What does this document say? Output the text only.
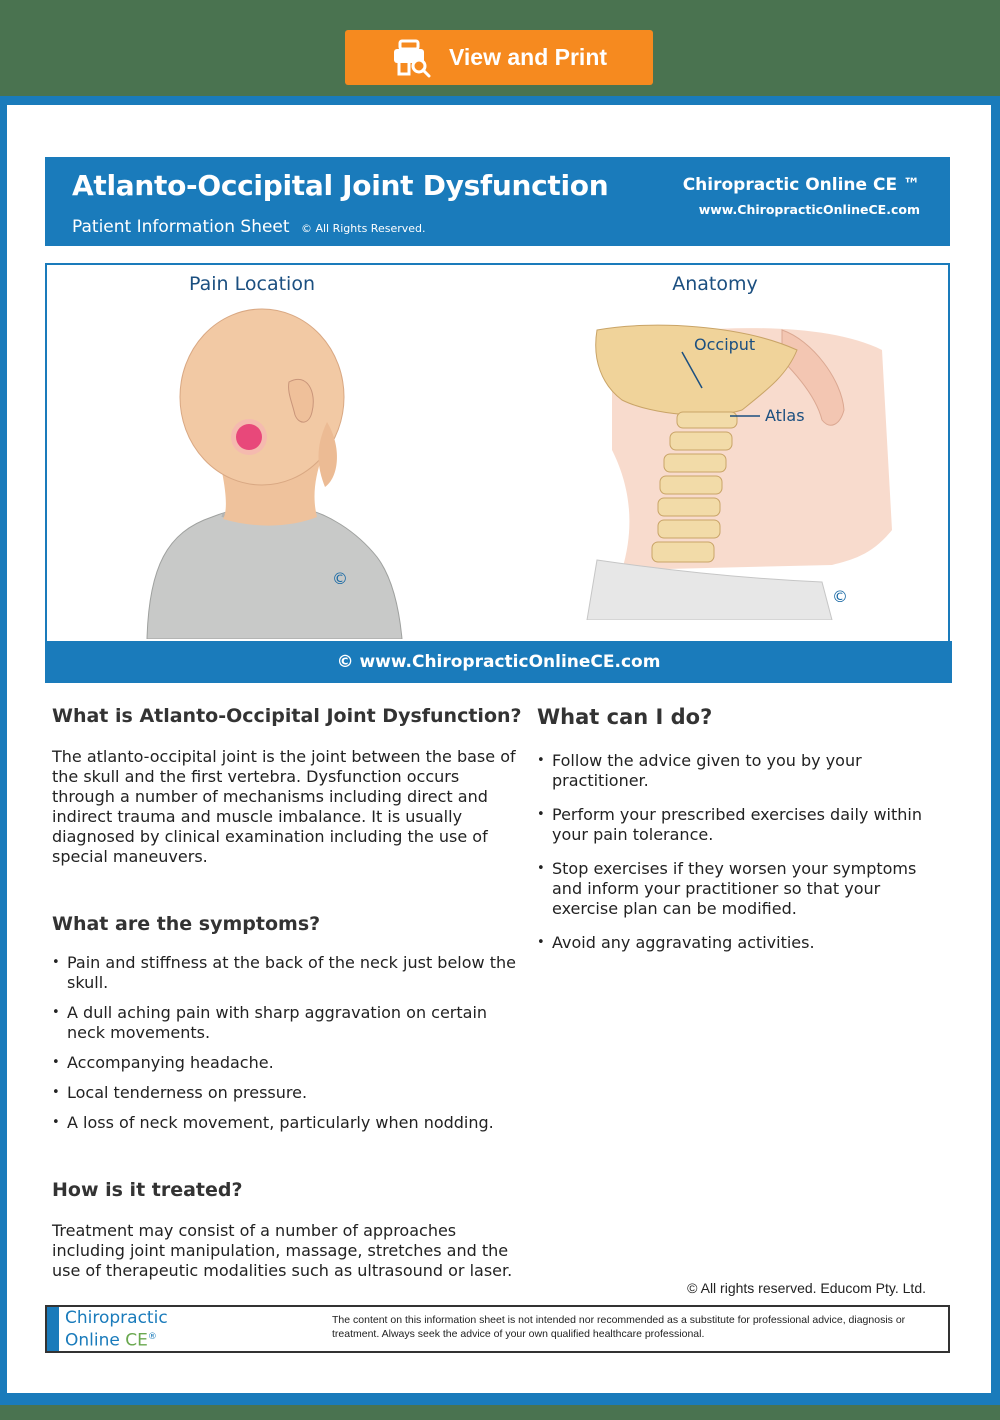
View and Print
Atlanto-Occipital Joint Dysfunction
Patient Information Sheet © All Rights Reserved.
Chiropractic Online CE ™
www.ChiropracticOnlineCE.com
Pain Location	Anatomy
©
Occiput
Atlas
©
© www.ChiropracticOnlineCE.com
What is Atlanto-Occipital Joint Dysfunction?

The atlanto-occipital joint is the joint between the base of the skull and the first vertebra. Dysfunction occurs through a number of mechanisms including direct and indirect trauma and muscle imbalance. It is usually diagnosed by clinical examination including the use of special maneuvers.

What are the symptoms?
• Pain and stiffness at the back of the neck just below the skull.
• A dull aching pain with sharp aggravation on certain neck movements.
• Accompanying headache.
• Local tenderness on pressure.
• A loss of neck movement, particularly when nodding.
How is it treated?

Treatment may consist of a number of approaches including joint manipulation, massage, stretches and the use of therapeutic modalities such as ultrasound or laser.

What can I do?
• Follow the advice given to you by your practitioner.
• Perform your prescribed exercises daily within your pain tolerance.
• Stop exercises if they worsen your symptoms and inform your practitioner so that your exercise plan can be modified.
• Avoid any aggravating activities.
© All rights reserved. Educom Pty. Ltd.
Chiropractic
Online CE®
The content on this information sheet is not intended nor recommended as a substitute for professional advice, diagnosis or treatment. Always seek the advice of your own qualified healthcare professional.
